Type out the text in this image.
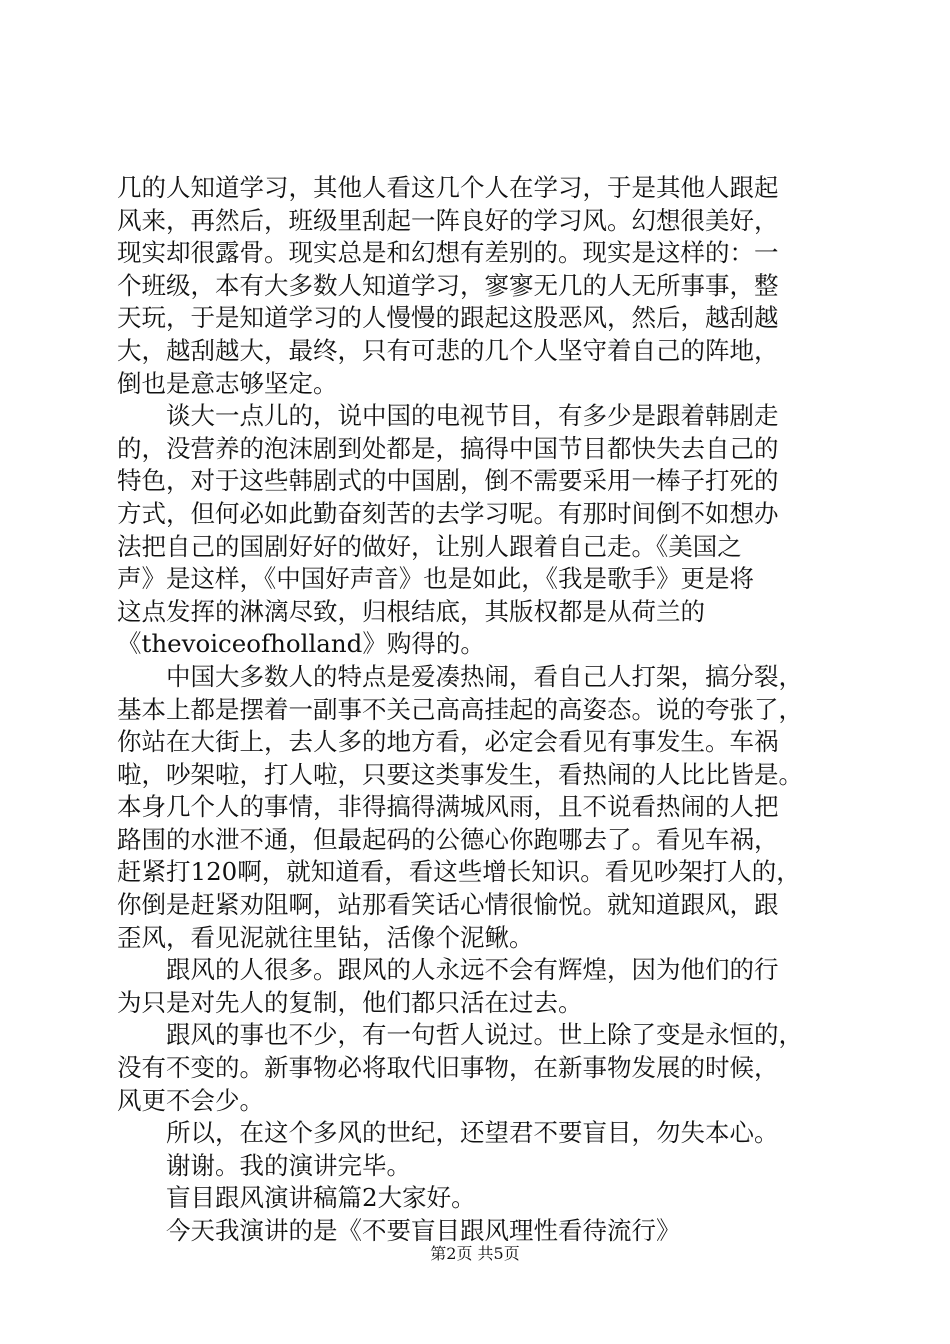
几的人知道学习，其他人看这几个人在学习，于是其他人跟起
风来，再然后，班级里刮起一阵良好的学习风。幻想很美好，
现实却很露骨。现实总是和幻想有差别的。现实是这样的：一
个班级，本有大多数人知道学习，寥寥无几的人无所事事，整
天玩，于是知道学习的人慢慢的跟起这股恶风，然后，越刮越
大，越刮越大，最终，只有可悲的几个人坚守着自己的阵地，
倒也是意志够坚定。
　　谈大一点儿的，说中国的电视节目，有多少是跟着韩剧走
的，没营养的泡沫剧到处都是，搞得中国节目都快失去自己的
特色，对于这些韩剧式的中国剧，倒不需要采用一棒子打死的
方式，但何必如此勤奋刻苦的去学习呢。有那时间倒不如想办
法把自己的国剧好好的做好，让别人跟着自己走。《美国之
声》是这样，《中国好声音》也是如此，《我是歌手》更是将
这点发挥的淋漓尽致，归根结底，其版权都是从荷兰的
《thevoiceofholland》购得的。
　　中国大多数人的特点是爱凑热闹，看自己人打架，搞分裂，
基本上都是摆着一副事不关己高高挂起的高姿态。说的夸张了，
你站在大街上，去人多的地方看，必定会看见有事发生。车祸
啦，吵架啦，打人啦，只要这类事发生，看热闹的人比比皆是。
本身几个人的事情，非得搞得满城风雨，且不说看热闹的人把
路围的水泄不通，但最起码的公德心你跑哪去了。看见车祸，
赶紧打120啊，就知道看，看这些增长知识。看见吵架打人的，
你倒是赶紧劝阻啊，站那看笑话心情很愉悦。就知道跟风，跟
歪风，看见泥就往里钻，活像个泥鳅。
　　跟风的人很多。跟风的人永远不会有辉煌，因为他们的行
为只是对先人的复制，他们都只活在过去。
　　跟风的事也不少，有一句哲人说过。世上除了变是永恒的，
没有不变的。新事物必将取代旧事物，在新事物发展的时候，
风更不会少。
　　所以，在这个多风的世纪，还望君不要盲目，勿失本心。
　　谢谢。我的演讲完毕。
　　盲目跟风演讲稿篇2大家好。
　　今天我演讲的是《不要盲目跟风理性看待流行》
第2页 共5页
